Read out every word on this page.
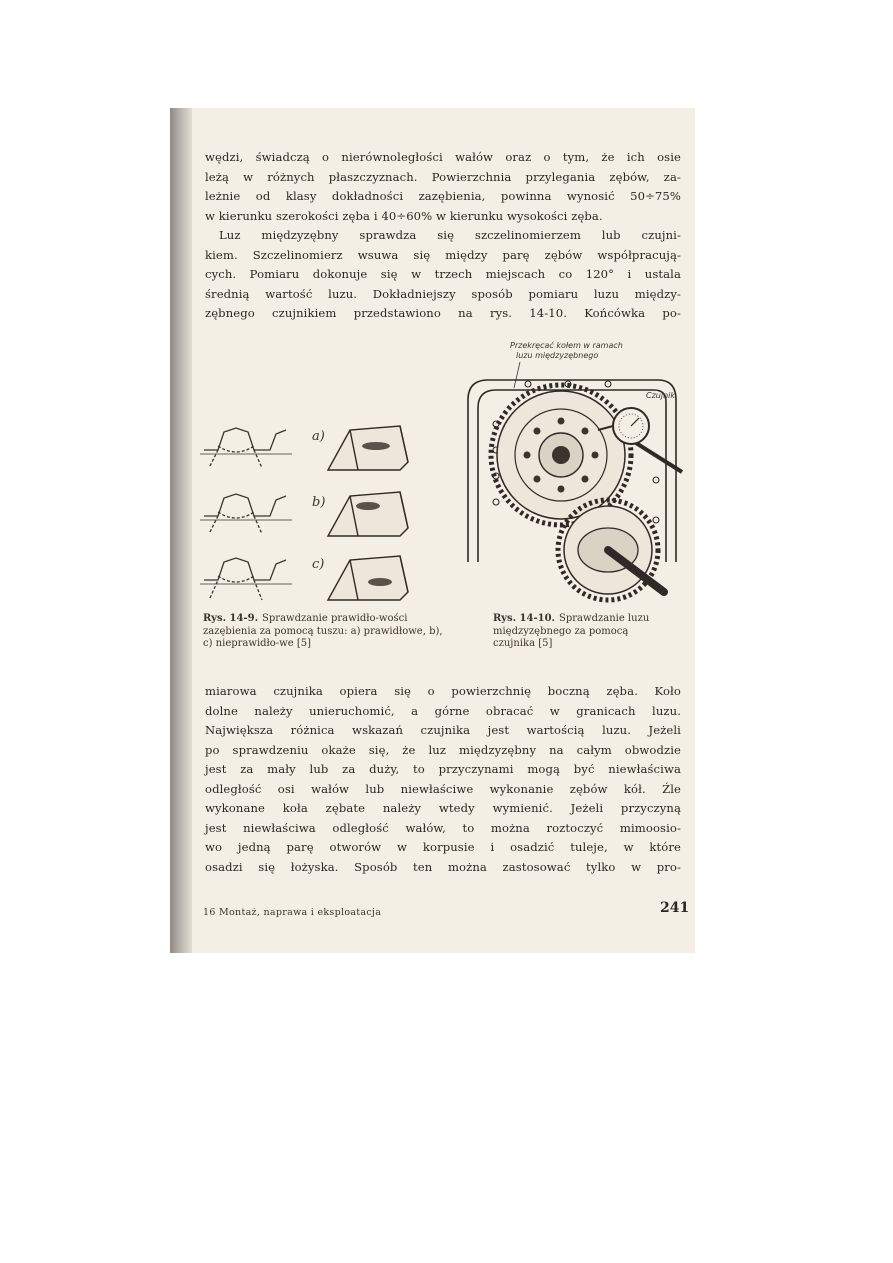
wędzi, świadczą o nierównoległości wałów oraz o tym, że ich osie
leżą w różnych płaszczyznach. Powierzchnia przylegania zębów, za-
leżnie od klasy dokładności zazębienia, powinna wynosić 50÷75%
w kierunku szerokości zęba i 40÷60% w kierunku wysokości zęba.
Luz międzyzębny sprawdza się szczelinomierzem lub czujni-
kiem. Szczelinomierz wsuwa się między parę zębów współpracują-
cych. Pomiaru dokonuje się w trzech miejscach co 120° i ustala
średnią wartość luzu. Dokładniejszy sposób pomiaru luzu między-
zębnego czujnikiem przedstawiono na rys. 14-10. Końcówka po-
a)
b)
c)
Przekręcać kołem w ramach
luzu międzyzębnego
Czujnik

Rys. 14-9. Sprawdzanie prawidło-wości zazębienia za pomocą tuszu: a) prawidłowe, b), c) nieprawidło-we [5]

Rys. 14-10. Sprawdzanie luzu międzyzębnego za pomocą czujnika [5]

miarowa czujnika opiera się o powierzchnię boczną zęba. Koło
dolne należy unieruchomić, a górne obracać w granicach luzu.
Największa różnica wskazań czujnika jest wartością luzu. Jeżeli
po sprawdzeniu okaże się, że luz międzyzębny na całym obwodzie
jest za mały lub za duży, to przyczynami mogą być niewłaściwa
odległość osi wałów lub niewłaściwe wykonanie zębów kół. Źle
wykonane koła zębate należy wtedy wymienić. Jeżeli przyczyną
jest niewłaściwa odległość wałów, to można roztoczyć mimoosio-
wo jedną parę otworów w korpusie i osadzić tuleje, w które
osadzi się łożyska. Sposób ten można zastosować tylko w pro-
16 Montaż, naprawa i eksploatacja	241
